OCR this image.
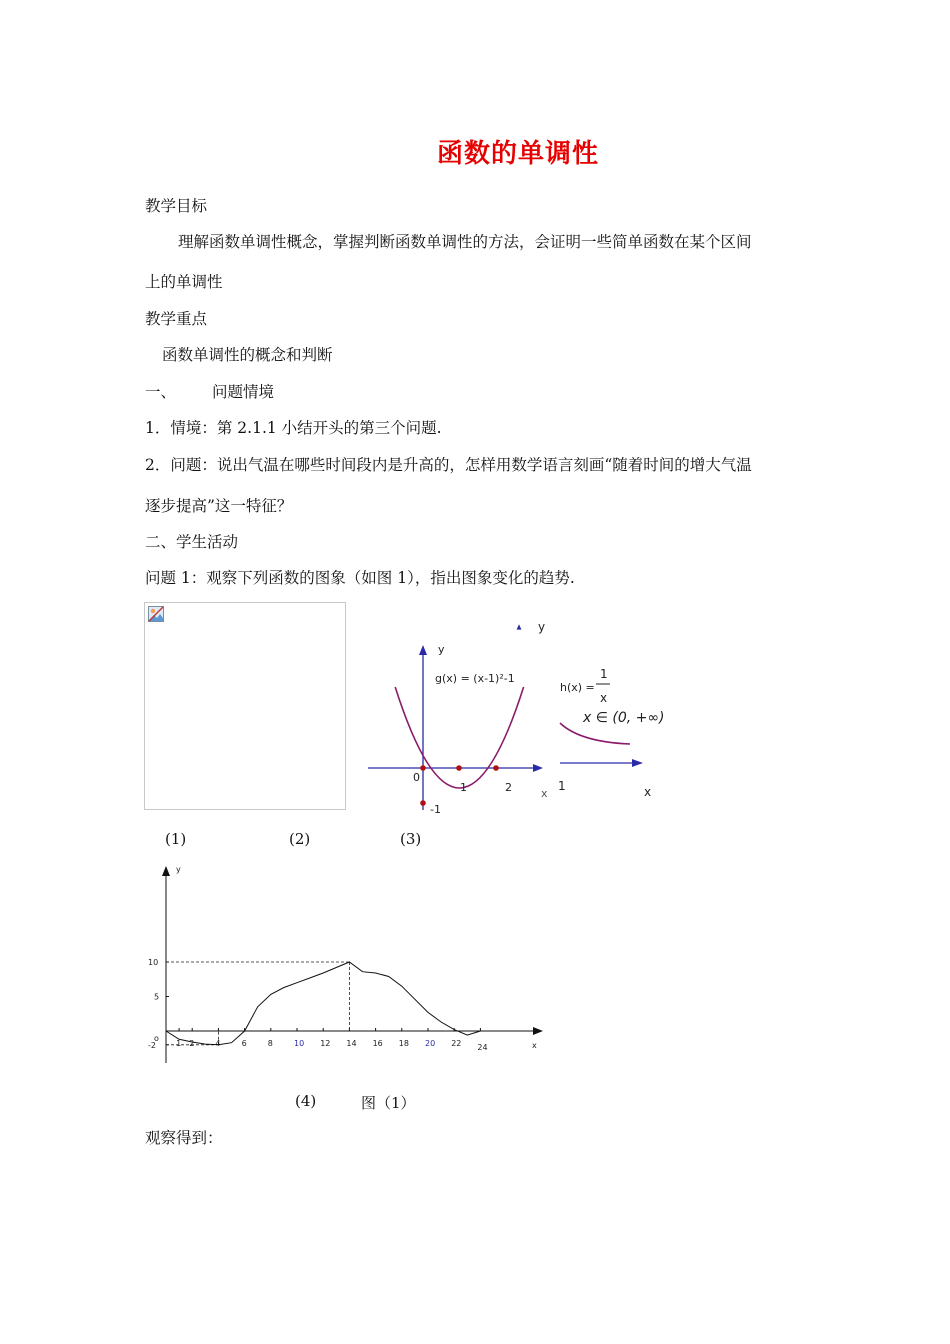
函数的单调性
教学目标
理解函数单调性概念，掌握判断函数单调性的方法，会证明一些简单函数在某个区间
上的单调性
教学重点
函数单调性的概念和判断
一、 问题情境
1．情境：第 2.1.1 小结开头的第三个问题.
2．问题：说出气温在哪些时间段内是升高的，怎样用数学语言刻画“随着时间的增大气温
逐步提高”这一特征？
二、学生活动
问题 1：观察下列函数的图象（如图 1），指出图象变化的趋势.
y
g(x) = (x-1)²-1
0
1	2
-1
x
y
h(x) =
1
x
x ∈ (0, +∞)
1	x
(1)	(2)	(3)
y
x
o
1 2	4	6	8	10 12 14 16 18 20 22 24
10
5
-2
(4)	图（1）
观察得到：
